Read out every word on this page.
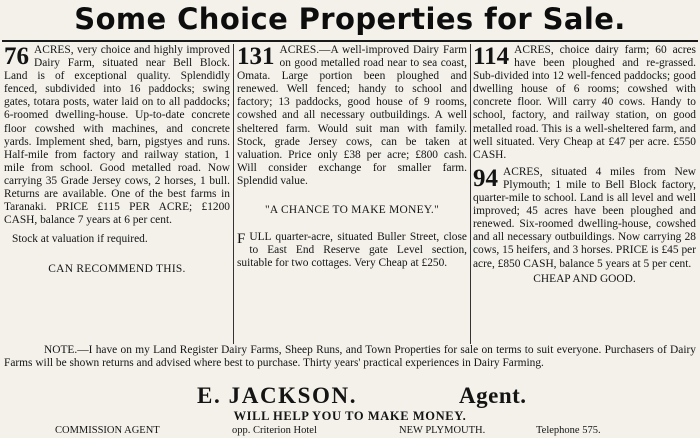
Some Choice Properties for Sale.

76 ACRES, very choice and highly improved Dairy Farm, situated near Bell Block. Land is of exceptional quality. Splendidly fenced, subdivided into 16 paddocks; swing gates, totara posts, water laid on to all paddocks; 6-roomed dwelling-house. Up-to-date concrete floor cowshed with machines, and concrete yards. Implement shed, barn, pigstyes and runs. Half-mile from factory and railway station, 1 mile from school. Good metalled road. Now carrying 35 Grade Jersey cows, 2 horses, 1 bull. Returns are available. One of the best farms in Taranaki. PRICE £115 PER ACRE; £1200 CASH, balance 7 years at 6 per cent.

Stock at valuation if required.

CAN RECOMMEND THIS.

131 ACRES.—A well-improved Dairy Farm on good metalled road near to sea coast, Omata. Large portion been ploughed and renewed. Well fenced; handy to school and factory; 13 paddocks, good house of 9 rooms, cowshed and all necessary outbuildings. A well sheltered farm. Would suit man with family. Stock, grade Jersey cows, can be taken at valuation. Price only £38 per acre; £800 cash. Will consider exchange for smaller farm. Splendid value.

"A CHANCE TO MAKE MONEY."

F ULL quarter-acre, situated Buller Street, close to East End Reserve gate Level section, suitable for two cottages. Very Cheap at £250.

114 ACRES, choice dairy farm; 60 acres have been ploughed and re-grassed. Sub-divided into 12 well-fenced paddocks; good dwelling house of 6 rooms; cowshed with concrete floor. Will carry 40 cows. Handy to school, factory, and railway station, on good metalled road. This is a well-sheltered farm, and well situated. Very Cheap at £47 per acre. £550 CASH.

94 ACRES, situated 4 miles from New Plymouth; 1 mile to Bell Block factory, quarter-mile to school. Land is all level and well improved; 45 acres have been ploughed and renewed. Six-roomed dwelling-house, cowshed and all necessary outbuildings. Now carrying 28 cows, 15 heifers, and 3 horses. PRICE is £45 per acre, £850 CASH, balance 5 years at 5 per cent.

CHEAP AND GOOD.

NOTE.—I have on my Land Register Dairy Farms, Sheep Runs, and Town Properties for sale on terms to suit everyone. Purchasers of Dairy Farms will be shown returns and advised where best to purchase. Thirty years' practical experiences in Dairy Farming.

E. JACKSON.	Agent.
WILL HELP YOU TO MAKE MONEY.
COMMISSION AGENT	opp. Criterion Hotel	NEW PLYMOUTH.	Telephone 575.
